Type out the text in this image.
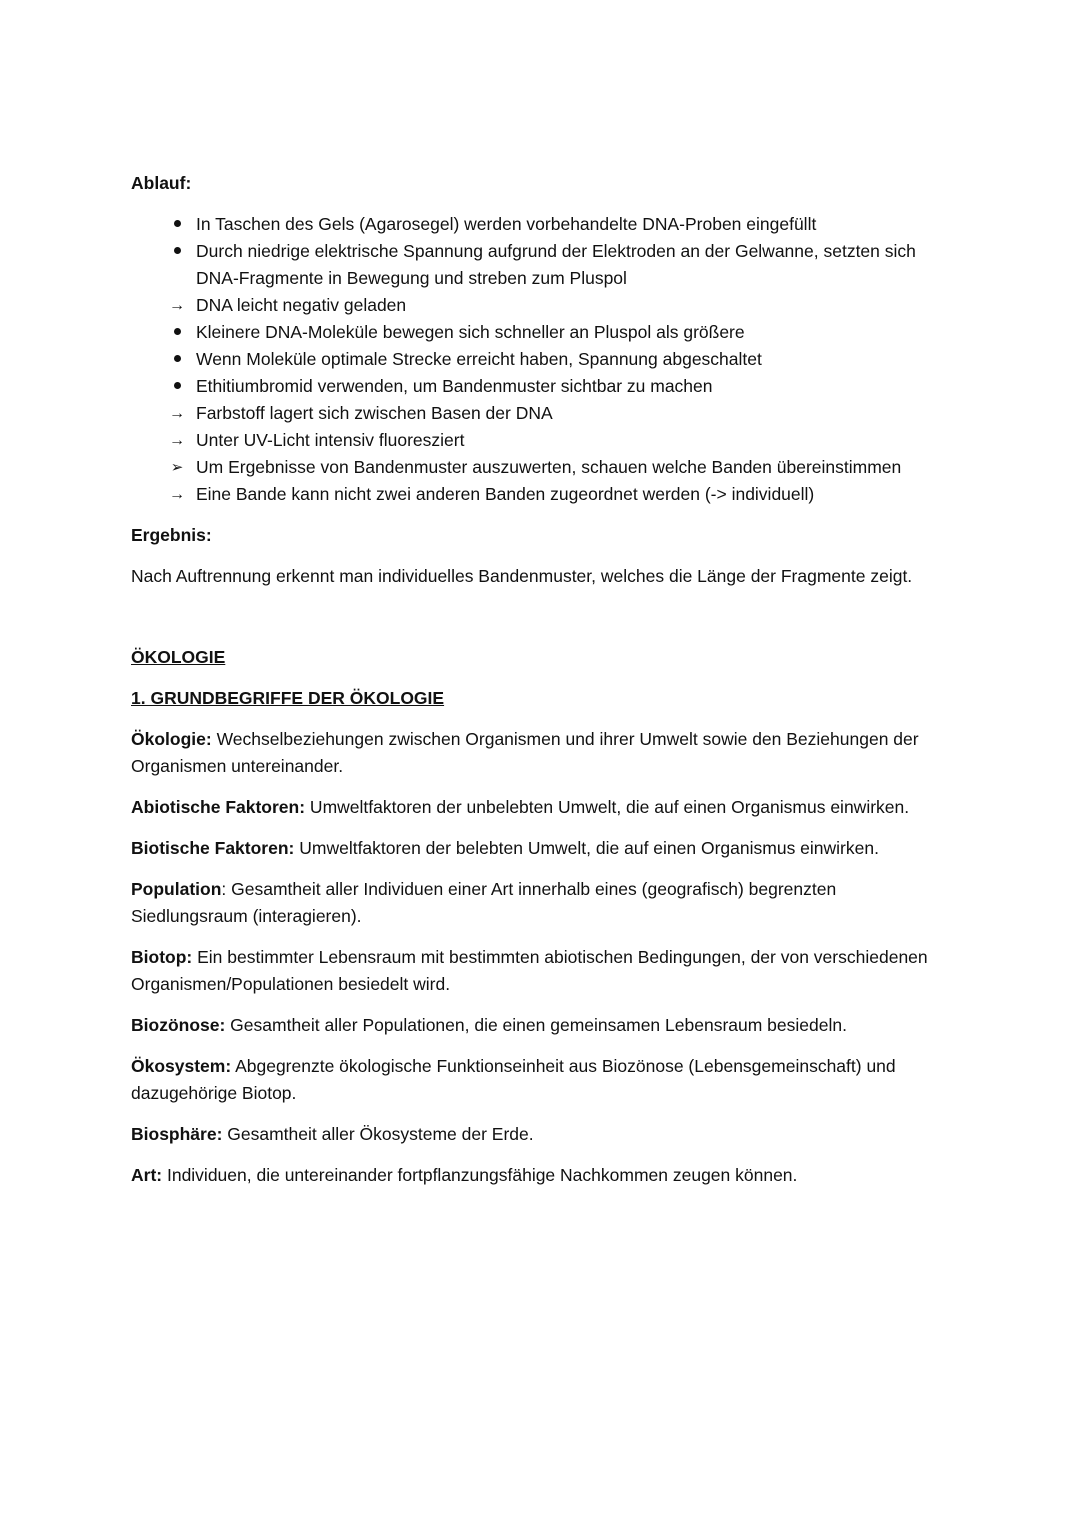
Ablauf:
In Taschen des Gels (Agarosegel) werden vorbehandelte DNA-Proben eingefüllt
Durch niedrige elektrische Spannung aufgrund der Elektroden an der Gelwanne, setzten sich DNA-Fragmente in Bewegung und streben zum Pluspol
→ DNA leicht negativ geladen
Kleinere DNA-Moleküle bewegen sich schneller an Pluspol als größere
Wenn Moleküle optimale Strecke erreicht haben, Spannung abgeschaltet
Ethitiumbromid verwenden, um Bandenmuster sichtbar zu machen
→ Farbstoff lagert sich zwischen Basen der DNA
→ Unter UV-Licht intensiv fluoresziert
➢ Um Ergebnisse von Bandenmuster auszuwerten, schauen welche Banden übereinstimmen
→ Eine Bande kann nicht zwei anderen Banden zugeordnet werden (-> individuell)
Ergebnis:

Nach Auftrennung erkennt man individuelles Bandenmuster, welches die Länge der Fragmente zeigt.

ÖKOLOGIE
1. GRUNDBEGRIFFE DER ÖKOLOGIE
Ökologie: Wechselbeziehungen zwischen Organismen und ihrer Umwelt sowie den Beziehungen der Organismen untereinander.
Abiotische Faktoren: Umweltfaktoren der unbelebten Umwelt, die auf einen Organismus einwirken.
Biotische Faktoren: Umweltfaktoren der belebten Umwelt, die auf einen Organismus einwirken.
Population: Gesamtheit aller Individuen einer Art innerhalb eines (geografisch) begrenzten Siedlungsraum (interagieren).
Biotop: Ein bestimmter Lebensraum mit bestimmten abiotischen Bedingungen, der von verschiedenen Organismen/Populationen besiedelt wird.
Biozönose: Gesamtheit aller Populationen, die einen gemeinsamen Lebensraum besiedeln.
Ökosystem: Abgegrenzte ökologische Funktionseinheit aus Biozönose (Lebensgemeinschaft) und dazugehörige Biotop.
Biosphäre: Gesamtheit aller Ökosysteme der Erde.
Art: Individuen, die untereinander fortpflanzungsfähige Nachkommen zeugen können.
